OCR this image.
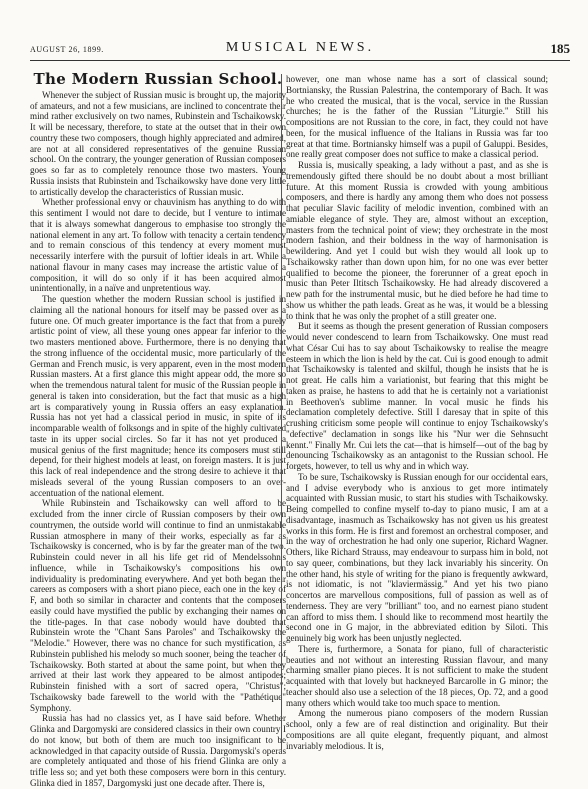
AUGUST 26, 1899.	MUSICAL NEWS.	185
The Modern Russian School.

Whenever the subject of Russian music is brought up, the majority of amateurs, and not a few musicians, are inclined to concentrate their mind rather exclusively on two names, Rubinstein and Tschaikowsky. It will be necessary, therefore, to state at the outset that in their own country these two composers, though highly appreciated and admired, are not at all considered representatives of the genuine Russian school. On the contrary, the younger generation of Russian composers goes so far as to completely renounce those two masters. Young Russia insists that Rubinstein and Tschaikowsky have done very little to artistically develop the characteristics of Russian music.

Whether professional envy or chauvinism has anything to do with this sentiment I would not dare to decide, but I venture to intimate that it is always somewhat dangerous to emphasise too strongly the national element in any art. To follow with tenacity a certain tendency and to remain conscious of this tendency at every moment must necessarily interfere with the pursuit of loftier ideals in art. While a national flavour in many cases may increase the artistic value of a composition, it will do so only if it has been acquired almost unintentionally, in a naïve and unpretentious way.

The question whether the modern Russian school is justified in claiming all the national honours for itself may be passed over as a future one. Of much greater importance is the fact that from a purely artistic point of view, all these young ones appear far inferior to the two masters mentioned above. Furthermore, there is no denying that the strong influence of the occidental music, more particularly of the German and French music, is very apparent, even in the most modern Russian masters. At a first glance this might appear odd, the more so when the tremendous natural talent for music of the Russian people in general is taken into consideration, but the fact that music as a high art is comparatively young in Russia offers an easy explanation. Russia has not yet had a classical period in music, in spite of its incomparable wealth of folksongs and in spite of the highly cultivated taste in its upper social circles. So far it has not yet produced a musical genius of the first magnitude; hence its composers must still depend, for their highest models at least, on foreign masters. It is just this lack of real independence and the strong desire to achieve it that misleads several of the young Russian composers to an over-accentuation of the national element.

While Rubinstein and Tschaikowsky can well afford to be excluded from the inner circle of Russian composers by their own countrymen, the outside world will continue to find an unmistakable Russian atmosphere in many of their works, especially as far as Tschaikowsky is concerned, who is by far the greater man of the two. Rubinstein could never in all his life get rid of Mendelssohn's influence, while in Tschaikowsky's compositions his own individuality is predominating everywhere. And yet both began their careers as composers with a short piano piece, each one in the key of F, and both so similar in character and contents that the composers easily could have mystified the public by exchanging their names on the title-pages. In that case nobody would have doubted that Rubinstein wrote the "Chant Sans Paroles" and Tschaikowsky the "Melodie." However, there was no chance for such mystification, as Rubinstein published his melody so much sooner, being the teacher of Tschaikowsky. Both started at about the same point, but when they arrived at their last work they appeared to be almost antipodes; Rubinstein finished with a sort of sacred opera, "Christus"; Tschaikowsky bade farewell to the world with the "Pathétique" Symphony.

Russia has had no classics yet, as I have said before. Whether Glinka and Dargomyski are considered classics in their own country I do not know, but both of them are much too insignificant to be acknowledged in that capacity outside of Russia. Dargomyski's operas are completely antiquated and those of his friend Glinka are only a trifle less so; and yet both these composers were born in this century. Glinka died in 1857, Dargomyski just one decade after. There is,

however, one man whose name has a sort of classical sound; Bortniansky, the Russian Palestrina, the contemporary of Bach. It was he who created the musical, that is the vocal, service in the Russian churches; he is the father of the Russian "Liturgie." Still his compositions are not Russian to the core, in fact, they could not have been, for the musical influence of the Italians in Russia was far too great at that time. Bortniansky himself was a pupil of Galuppi. Besides, one really great composer does not suffice to make a classical period.

Russia is, musically speaking, a lady without a past, and as she is tremendously gifted there should be no doubt about a most brilliant future. At this moment Russia is crowded with young ambitious composers, and there is hardly any among them who does not possess that peculiar Slavic facility of melodic invention, combined with an amiable elegance of style. They are, almost without an exception, masters from the technical point of view; they orchestrate in the most modern fashion, and their boldness in the way of harmonisation is bewildering. And yet I could but wish they would all look up to Tschaikowsky rather than down upon him, for no one was ever better qualified to become the pioneer, the forerunner of a great epoch in music than Peter Iltitsch Tschaikowsky. He had already discovered a new path for the instrumental music, but he died before he had time to show us whither the path leads. Great as he was, it would be a blessing to think that he was only the prophet of a still greater one.

But it seems as though the present generation of Russian composers would never condescend to learn from Tschaikowsky. One must read what César Cui has to say about Tschaikowsky to realise the meagre esteem in which the lion is held by the cat. Cui is good enough to admit that Tschaikowsky is talented and skilful, though he insists that he is not great. He calls him a variationist, but fearing that this might be taken as praise, he hastens to add that he is certainly not a variationist in Beethoven's sublime manner. In vocal music he finds his declamation completely defective. Still I daresay that in spite of this crushing criticism some people will continue to enjoy Tschaikowsky's "defective" declamation in songs like his "Nur wer die Sehnsucht kennt." Finally Mr. Cui lets the cat—that is himself—out of the bag by denouncing Tschaikowsky as an antagonist to the Russian school. He forgets, however, to tell us why and in which way.

To be sure, Tschaikowsky is Russian enough for our occidental ears, and I advise everybody who is anxious to get more intimately acquainted with Russian music, to start his studies with Tschaikowsky. Being compelled to confine myself to-day to piano music, I am at a disadvantage, inasmuch as Tschaikowsky has not given us his greatest works in this form. He is first and foremost an orchestral composer, and in the way of orchestration he had only one superior, Richard Wagner. Others, like Richard Strauss, may endeavour to surpass him in bold, not to say queer, combinations, but they lack invariably his sincerity. On the other hand, his style of writing for the piano is frequently awkward, is not idiomatic, is not "klaviermässig." And yet his two piano concertos are marvellous compositions, full of passion as well as of tenderness. They are very "brilliant" too, and no earnest piano student can afford to miss them. I should like to recommend most heartily the second one in G major, in the abbreviated edition by Siloti. This genuinely big work has been unjustly neglected.

There is, furthermore, a Sonata for piano, full of characteristic beauties and not without an interesting Russian flavour, and many charming smaller piano pieces. It is not sufficient to make the student acquainted with that lovely but hackneyed Barcarolle in G minor; the teacher should also use a selection of the 18 pieces, Op. 72, and a good many others which would take too much space to mention.

Among the numerous piano composers of the modern Russian school, only a few are of real distinction and originality. But their compositions are all quite elegant, frequently piquant, and almost invariably melodious. It is,
